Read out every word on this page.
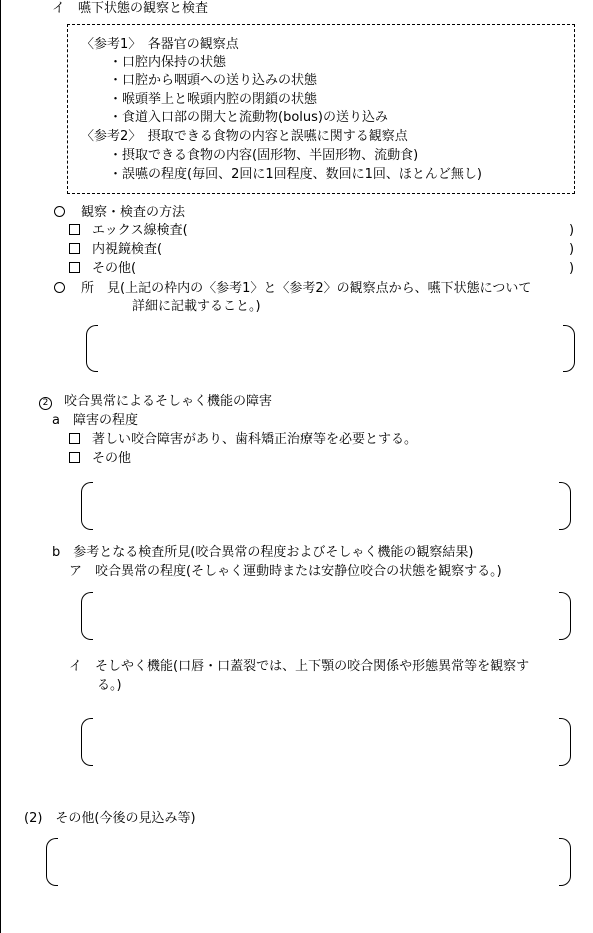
イ　嚥下状態の観察と検査
〈参考1〉　各器官の観察点
・口腔内保持の状態
・口腔から咽頭への送り込みの状態
・喉頭挙上と喉頭内腔の閉鎖の状態
・食道入口部の開大と流動物(bolus)の送り込み
〈参考2〉　摂取できる食物の内容と誤嚥に関する観察点
・摂取できる食物の内容(固形物、半固形物、流動食)
・誤嚥の程度(毎回、2回に1回程度、数回に1回、ほとんど無し)
観察・検査の方法
エックス線検査(	)
内視鏡検査(	)
その他(	)
所　見(上記の枠内の〈参考1〉と〈参考2〉の観察点から、嚥下状態について
詳細に記載すること。)
2 咬合異常によるそしゃく機能の障害
a　障害の程度
著しい咬合障害があり、歯科矯正治療等を必要とする。
その他
b　参考となる検査所見(咬合異常の程度およびそしゃく機能の観察結果)
ア　咬合異常の程度(そしゃく運動時または安静位咬合の状態を観察する。)
イ　そしやく機能(口唇・口蓋裂では、上下顎の咬合関係や形態異常等を観察す
る。)
(2)　その他(今後の見込み等)
